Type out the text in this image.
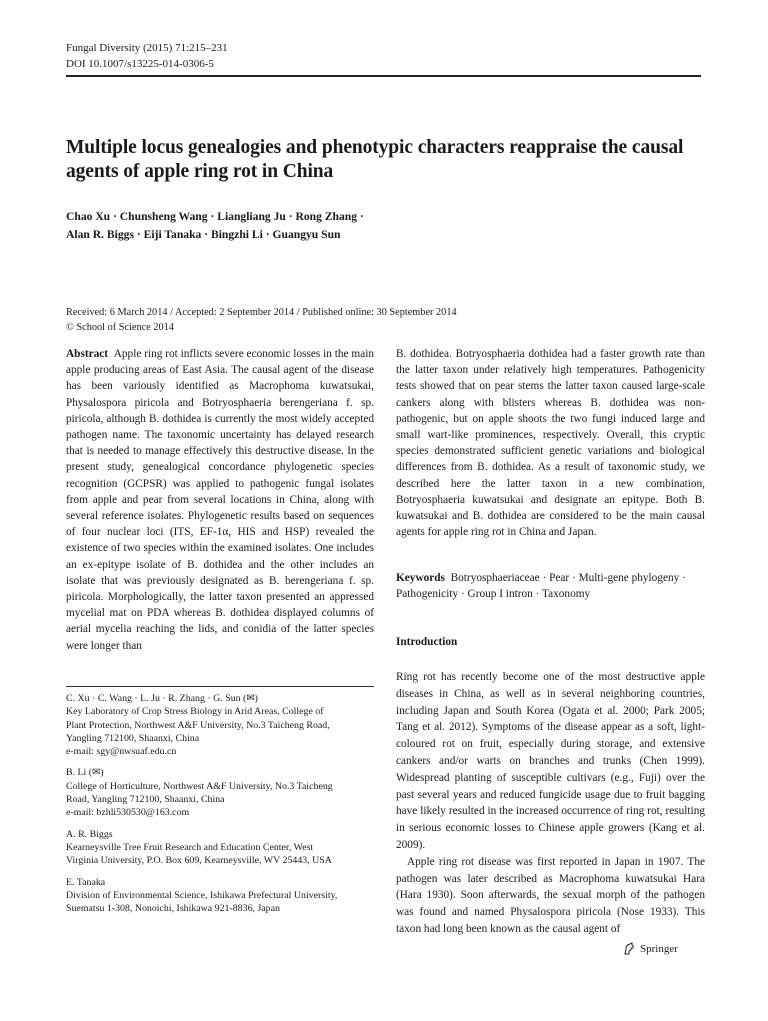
Fungal Diversity (2015) 71:215–231
DOI 10.1007/s13225-014-0306-5
Multiple locus genealogies and phenotypic characters reappraise the causal agents of apple ring rot in China
Chao Xu · Chunsheng Wang · Liangliang Ju · Rong Zhang ·
Alan R. Biggs · Eiji Tanaka · Bingzhi Li · Guangyu Sun
Received: 6 March 2014 / Accepted: 2 September 2014 / Published online: 30 September 2014
© School of Science 2014

Abstract Apple ring rot inflicts severe economic losses in the main apple producing areas of East Asia. The causal agent of the disease has been variously identified as Macrophoma kuwatsukai, Physalospora piricola and Botryosphaeria berengeriana f. sp. piricola, although B. dothidea is currently the most widely accepted pathogen name. The taxonomic uncertainty has delayed research that is needed to manage effectively this destructive disease. In the present study, genealogical concordance phylogenetic species recognition (GCPSR) was applied to pathogenic fungal isolates from apple and pear from several locations in China, along with several reference isolates. Phylogenetic results based on sequences of four nuclear loci (ITS, EF-1α, HIS and HSP) revealed the existence of two species within the examined isolates. One includes an ex-epitype isolate of B. dothidea and the other includes an isolate that was previously designated as B. berengeriana f. sp. piricola. Morphologically, the latter taxon presented an appressed mycelial mat on PDA whereas B. dothidea displayed columns of aerial mycelia reaching the lids, and conidia of the latter species were longer than

B. dothidea. Botryosphaeria dothidea had a faster growth rate than the latter taxon under relatively high temperatures. Pathogenicity tests showed that on pear stems the latter taxon caused large-scale cankers along with blisters whereas B. dothidea was non-pathogenic, but on apple shoots the two fungi induced large and small wart-like prominences, respectively. Overall, this cryptic species demonstrated sufficient genetic variations and biological differences from B. dothidea. As a result of taxonomic study, we described here the latter taxon in a new combination, Botryosphaeria kuwatsukai and designate an epitype. Both B. kuwatsukai and B. dothidea are considered to be the main causal agents for apple ring rot in China and Japan.

Keywords Botryosphaeriaceae · Pear · Multi-gene phylogeny · Pathogenicity · Group I intron · Taxonomy
Introduction

Ring rot has recently become one of the most destructive apple diseases in China, as well as in several neighboring countries, including Japan and South Korea (Ogata et al. 2000; Park 2005; Tang et al. 2012). Symptoms of the disease appear as a soft, light-coloured rot on fruit, especially during storage, and extensive cankers and/or warts on branches and trunks (Chen 1999). Widespread planting of susceptible cultivars (e.g., Fuji) over the past several years and reduced fungicide usage due to fruit bagging have likely resulted in the increased occurrence of ring rot, resulting in serious economic losses to Chinese apple growers (Kang et al. 2009).

Apple ring rot disease was first reported in Japan in 1907. The pathogen was later described as Macrophoma kuwatsukai Hara (Hara 1930). Soon afterwards, the sexual morph of the pathogen was found and named Physalospora piricola (Nose 1933). This taxon had long been known as the causal agent of

C. Xu · C. Wang · L. Ju · R. Zhang · G. Sun (✉)
Key Laboratory of Crop Stress Biology in Arid Areas, College of
Plant Protection, Northwest A&F University, No.3 Taicheng Road,
Yangling 712100, Shaanxi, China
e-mail: sgy@nwsuaf.edu.cn
B. Li (✉)
College of Horticulture, Northwest A&F University, No.3 Taicheng
Road, Yangling 712100, Shaanxi, China
e-mail: bzhli530530@163.com
A. R. Biggs
Kearneysville Tree Fruit Research and Education Center, West
Virginia University, P.O. Box 609, Kearneysville, WV 25443, USA
E. Tanaka
Division of Environmental Science, Ishikawa Prefectural University,
Suematsu 1-308, Nonoichi, Ishikawa 921-8836, Japan
Springer
